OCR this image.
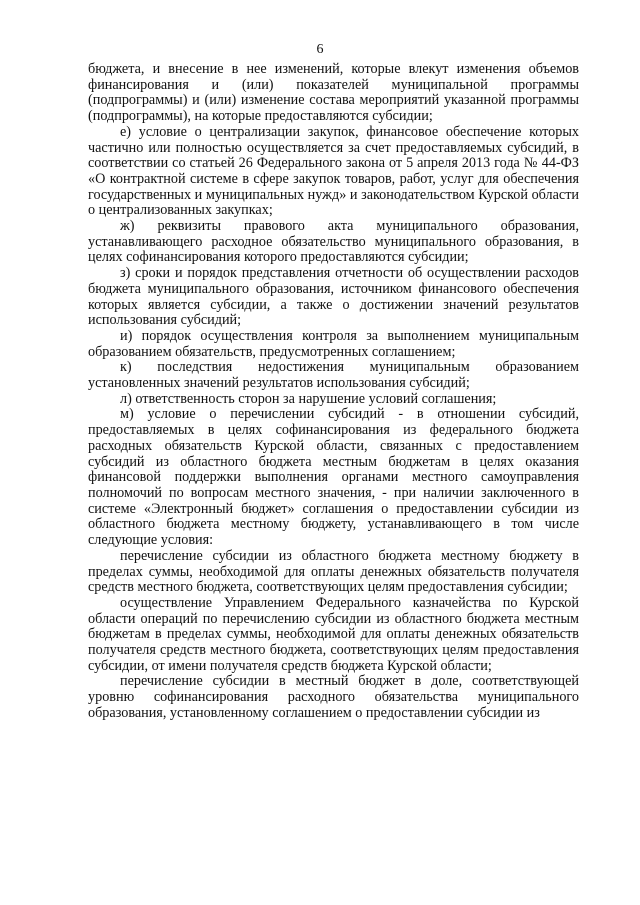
6

бюджета, и внесение в нее изменений, которые влекут изменения объемов финансирования и (или) показателей муниципальной программы (подпрограммы) и (или) изменение состава мероприятий указанной программы (подпрограммы), на которые предоставляются субсидии;

е) условие о централизации закупок, финансовое обеспечение которых частично или полностью осуществляется за счет предоставляемых субсидий, в соответствии со статьей 26 Федерального закона от 5 апреля 2013 года № 44-ФЗ «О контрактной системе в сфере закупок товаров, работ, услуг для обеспечения государственных и муниципальных нужд» и законодательством Курской области о централизованных закупках;

ж) реквизиты правового акта муниципального образования, устанавливающего расходное обязательство муниципального образования, в целях софинансирования которого предоставляются субсидии;

з) сроки и порядок представления отчетности об осуществлении расходов бюджета муниципального образования, источником финансового обеспечения которых является субсидии, а также о достижении значений результатов использования субсидий;

и) порядок осуществления контроля за выполнением муниципальным образованием обязательств, предусмотренных соглашением;

к) последствия недостижения муниципальным образованием установленных значений результатов использования субсидий;

л) ответственность сторон за нарушение условий соглашения;

м) условие о перечислении субсидий - в отношении субсидий, предоставляемых в целях софинансирования из федерального бюджета расходных обязательств Курской области, связанных с предоставлением субсидий из областного бюджета местным бюджетам в целях оказания финансовой поддержки выполнения органами местного самоуправления полномочий по вопросам местного значения, - при наличии заключенного в системе «Электронный бюджет» соглашения о предоставлении субсидии из областного бюджета местному бюджету, устанавливающего в том числе следующие условия:

перечисление субсидии из областного бюджета местному бюджету в пределах суммы, необходимой для оплаты денежных обязательств получателя средств местного бюджета, соответствующих целям предоставления субсидии;

осуществление Управлением Федерального казначейства по Курской области операций по перечислению субсидии из областного бюджета местным бюджетам в пределах суммы, необходимой для оплаты денежных обязательств получателя средств местного бюджета, соответствующих целям предоставления субсидии, от имени получателя средств бюджета Курской области;

перечисление субсидии в местный бюджет в доле, соответствующей уровню софинансирования расходного обязательства муниципального образования, установленному соглашением о предоставлении субсидии из
